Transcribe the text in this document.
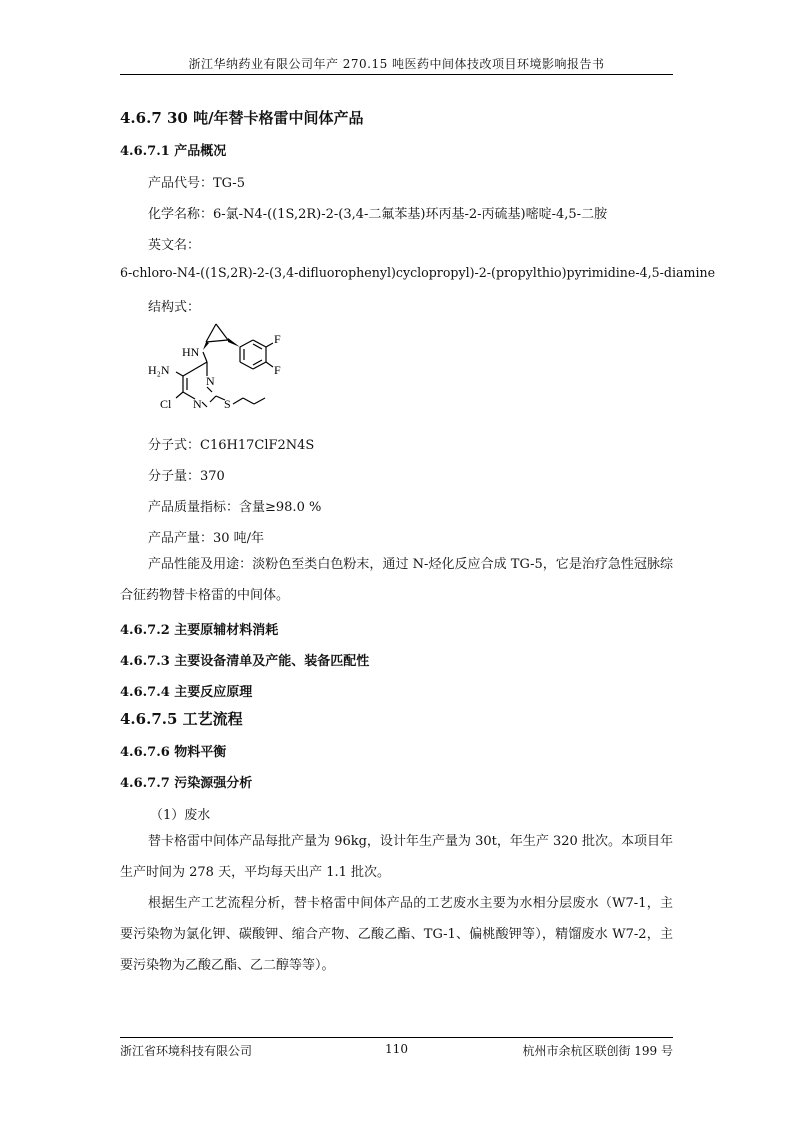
浙江华纳药业有限公司年产 270.15 吨医药中间体技改项目环境影响报告书
4.6.7 30 吨/年替卡格雷中间体产品
4.6.7.1 产品概况
产品代号：TG-5
化学名称：6-氯-N4-((1S,2R)-2-(3,4-二氟苯基)环丙基-2-丙硫基)嘧啶-4,5-二胺
英文名：
6-chloro-N4-((1S,2R)-2-(3,4-difluorophenyl)cyclopropyl)-2-(propylthio)pyrimidine-4,5-diamine
结构式：
HN
H₂N
N
N
Cl	S
F
F
分子式：C16H17ClF2N4S
分子量：370
产品质量指标：含量≥98.0 %
产品产量：30 吨/年
产品性能及用途：淡粉色至类白色粉末，通过 N-烃化反应合成 TG-5，它是治疗急性冠脉综合征药物替卡格雷的中间体。
4.6.7.2 主要原辅材料消耗
4.6.7.3 主要设备清单及产能、装备匹配性
4.6.7.4 主要反应原理
4.6.7.5 工艺流程
4.6.7.6 物料平衡
4.6.7.7 污染源强分析
（1）废水
替卡格雷中间体产品每批产量为 96kg，设计年生产量为 30t，年生产 320 批次。本项目年生产时间为 278 天，平均每天出产 1.1 批次。
根据生产工艺流程分析，替卡格雷中间体产品的工艺废水主要为水相分层废水（W7-1，主要污染物为氯化钾、碳酸钾、缩合产物、乙酸乙酯、TG-1、偏桃酸钾等），精馏废水 W7-2，主要污染物为乙酸乙酯、乙二醇等等）。
浙江省环境科技有限公司	110	杭州市余杭区联创街 199 号
